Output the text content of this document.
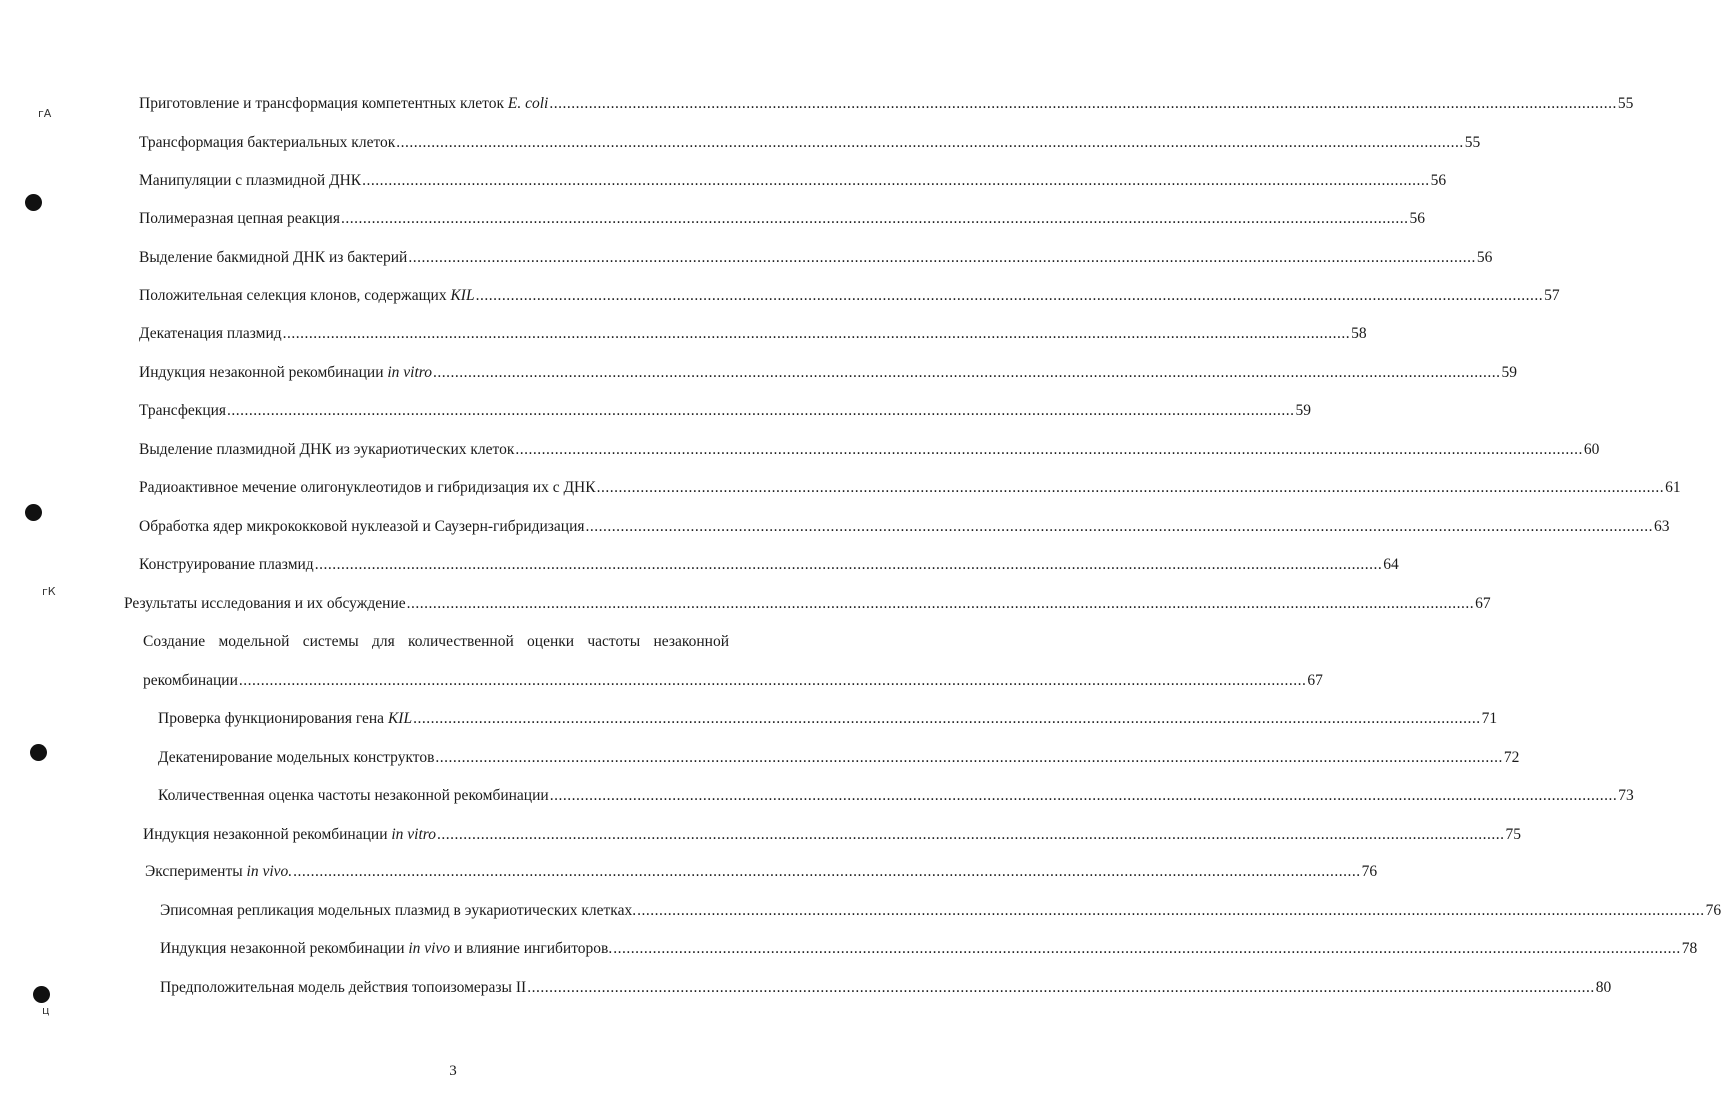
гА
гК
ц
Приготовление и трансформация компетентных клеток E. coli .....	55
Трансформация бактериальных клеток .....	55
Манипуляции с плазмидной ДНК .....	56
Полимеразная цепная реакция .....	56
Выделение бакмидной ДНК из бактерий .....	56
Положительная селекция клонов, содержащих KIL .....	57
Декатенация плазмид .....	58
Индукция незаконной рекомбинации in vitro .....	59
Трансфекция .....	59
Выделение плазмидной ДНК из эукариотических клеток .....	60
Радиоактивное мечение олигонуклеотидов и гибридизация их с ДНК .....	61
Обработка ядер микрококковой нуклеазой и Саузерн-гибридизация .....	63
Конструирование плазмид .....	64
Результаты исследования и их обсуждение .....	67
Создание модельной системы для количественной оценки частоты незаконной
рекомбинации .....	67
Проверка функционирования гена KIL .....	71
Декатенирование модельных конструктов .....	72
Количественная оценка частоты незаконной рекомбинации .....	73
Индукция незаконной рекомбинации in vitro .....	75
Эксперименты in vivo. .....	76
Эписомная репликация модельных плазмид в эукариотических клетках. .....	76
Индукция незаконной рекомбинации in vivo и влияние ингибиторов. .....	78
Предположительная модель действия топоизомеразы II .....	80
3
